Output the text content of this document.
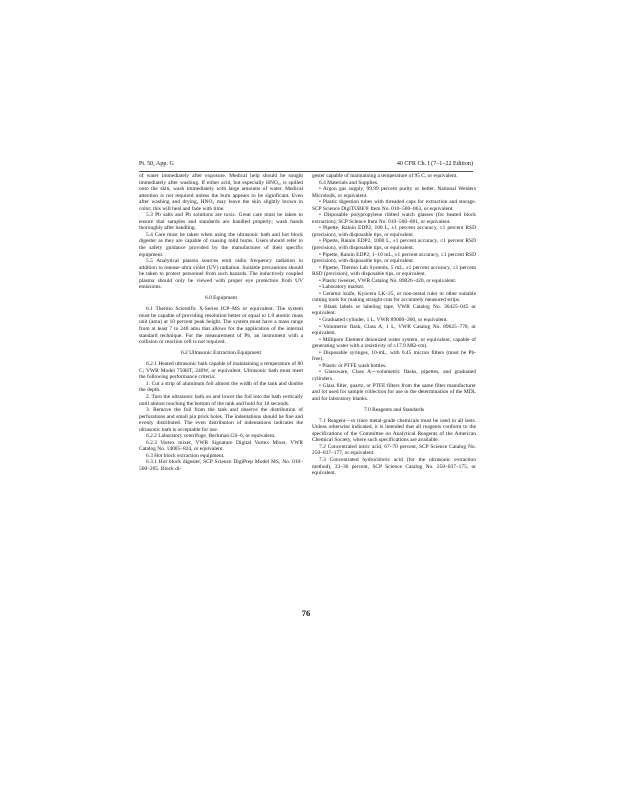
Pt. 50, App. G	40 CFR Ch. I (7–1–22 Edition)

of water immediately after exposure. Medical help should be sought immediately after washing. If either acid, but especially HNO₃, is spilled onto the skin, wash immediately with large amounts of water. Medical attention is not required unless the burn appears to be significant. Even after washing and drying, HNO₃ may leave the skin slightly brown in color; this will heal and fade with time.

5.3 Pb salts and Pb solutions are toxic. Great care must be taken to ensure that samples and standards are handled properly; wash hands thoroughly after handling.

5.4 Care must be taken when using the ultrasonic bath and hot block digester as they are capable of causing mild burns. Users should refer to the safety guidance provided by the manufacturer of their specific equipment.

5.5 Analytical plasma sources emit radio frequency radiation in addition to intense ultra violet (UV) radiation. Suitable precautions should be taken to protect personnel from such hazards. The inductively coupled plasma should only be viewed with proper eye protection from UV emissions.

6.0 Equipment

6.1 Thermo Scientific X-Series ICP–MS or equivalent. The system must be capable of providing resolution better or equal to 1.0 atomic mass unit (amu) at 10 percent peak height. The system must have a mass range from at least 7 to 240 amu that allows for the application of the internal standard technique. For the measurement of Pb, an instrument with a collision or reaction cell is not required.

6.2 Ultrasonic Extraction Equipment

6.2.1 Heated ultrasonic bath capable of maintaining a temperature of 80 C; VWR Model 750HT, 240W, or equivalent. Ultrasonic bath must meet the following performance criteria:

1. Cut a strip of aluminum foil almost the width of the tank and double the depth.

2. Turn the ultrasonic bath on and lower the foil into the bath vertically until almost touching the bottom of the tank and hold for 10 seconds.

3. Remove the foil from the tank and observe the distribution of perforations and small pin prick holes. The indentations should be fine and evenly distributed. The even distribution of indentations indicates the ultrasonic bath is acceptable for use.

6.2.2 Laboratory centrifuge, Beckman GS–6, or equivalent.

6.2.3 Vortex mixer, VWR Signature Digital Vortex Mixer, VWR Catalog No. 14005–824, or equivalent.

6.3 Hot block extraction equipment.

6.3.1 Hot block digester, SCP Science DigiPrep Model MS, No. 010–500–205. Block di-

gester capable of maintaining a temperature of 95 C, or equivalent.

6.4 Materials and Supplies.

• Argon gas supply, 99.99 percent purity or better. National Welders Microbulk, or equivalent.

• Plastic digestion tubes with threaded caps for extraction and storage. SCP Science DigiTUBE® Item No. 010–500–063, or equivalent.

• Disposable polypropylene ribbed watch glasses (for heated block extraction), SCP Science Item No. 010–500–081, or equivalent.

• Pipette, Rainin EDP2, 100 L, ±1 percent accuracy, ≤1 percent RSD (precision), with disposable tips, or equivalent.

• Pipette, Rainin EDP2, 1000 L, ±1 percent accuracy, ≤1 percent RSD (precision), with disposable tips, or equivalent.

• Pipette, Rainin EDP2, 1–10 mL, ±1 percent accuracy, ≤1 percent RSD (precision), with disposable tips, or equivalent.

• Pipette, Thermo Lab Systems, 5 mL, ±1 percent accuracy, ≤1 percent RSD (precision), with disposable tips, or equivalent.

• Plastic tweezer, VWR Catalog No. 89026–420, or equivalent.

• Laboratory marker.

• Ceramic knife, Kyocera LK–25, or non-metal ruler or other suitable cutting tools for making straight cuts for accurately measured strips.

• Blank labels or labeling tape, VWR Catalog No. 36425–045 or equivalent.

• Graduated cylinder, 1 L, VWR 89000–260, or equivalent.

• Volumetric flask, Class A, 1 L, VWR Catalog No. 89025–778, or equivalent.

• Millipore Element deionized water system, or equivalent, capable of generating water with a resistivity of ≥17.9 MΩ-cm).

• Disposable syringes, 10-mL, with 0.45 micron filters (must be Pb-free).

• Plastic or PTFE wash bottles.

• Glassware, Class A—volumetric flasks, pipettes, and graduated cylinders.

• Glass filter, quartz, or PTFE filters from the same filter manufacturer and lot used for sample collection for use in the determination of the MDL and for laboratory blanks.

7.0 Reagents and Standards

7.1 Reagent—or trace metal-grade chemicals must be used in all tests. Unless otherwise indicated, it is intended that all reagents conform to the specifications of the Committee on Analytical Reagents of the American Chemical Society, where such specifications are available.

7.2 Concentrated nitric acid, 67–70 percent, SCP Science Catalog No. 250–037–177, or equivalent.

7.3 Concentrated hydrochloric acid (for the ultrasonic extraction method), 33–36 percent, SCP Science Catalog No. 250–037–175, or equivalent.

76
